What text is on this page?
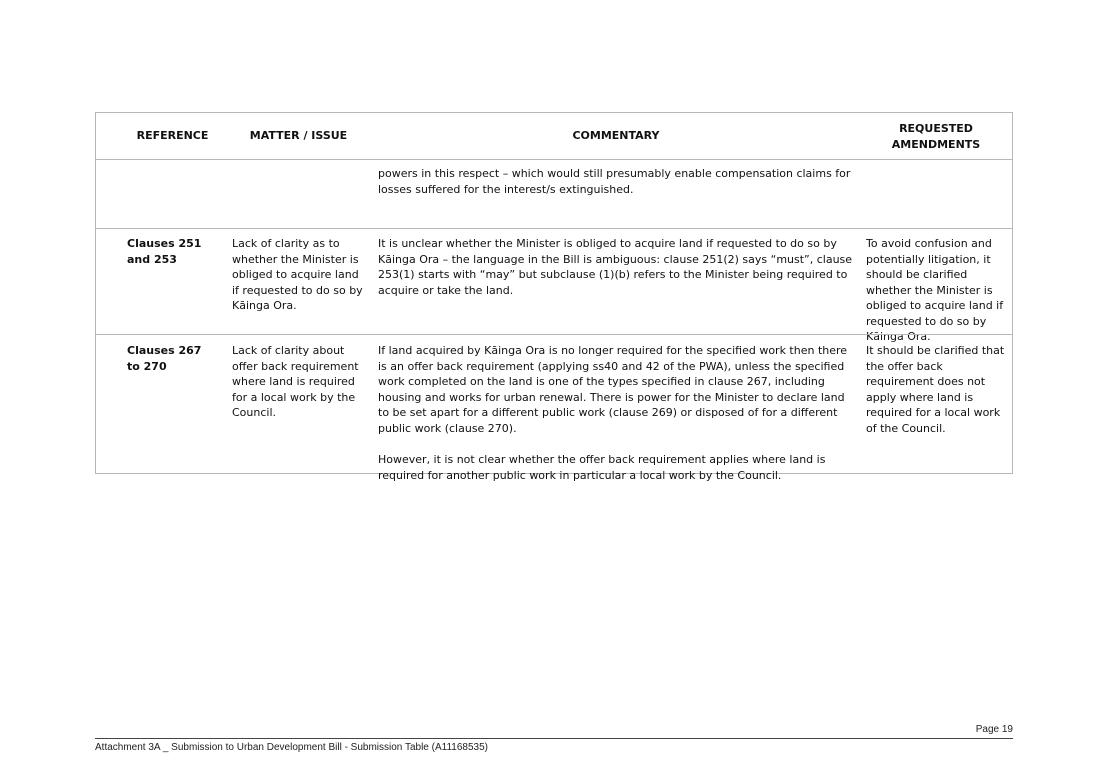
REFERENCE	MATTER / ISSUE	COMMENTARY
REQUESTED
AMENDMENTS

powers in this respect – which would still presumably enable compensation claims for losses suffered for the interest/s extinguished.

Clauses 251 and 253
Lack of clarity as to whether the Minister is obliged to acquire land if requested to do so by Kāinga Ora.

It is unclear whether the Minister is obliged to acquire land if requested to do so by Kāinga Ora – the language in the Bill is ambiguous: clause 251(2) says “must”, clause 253(1) starts with “may” but subclause (1)(b) refers to the Minister being required to acquire or take the land.

To avoid confusion and potentially litigation, it should be clarified whether the Minister is obliged to acquire land if requested to do so by Kāinga Ora.
Clauses 267 to 270
Lack of clarity about offer back requirement where land is required for a local work by the Council.

If land acquired by Kāinga Ora is no longer required for the specified work then there is an offer back requirement (applying ss40 and 42 of the PWA), unless the specified work completed on the land is one of the types specified in clause 267, including housing and works for urban renewal. There is power for the Minister to declare land to be set apart for a different public work (clause 269) or disposed of for a different public work (clause 270).

However, it is not clear whether the offer back requirement applies where land is required for another public work in particular a local work by the Council.

It should be clarified that the offer back requirement does not apply where land is required for a local work of the Council.
Page 19
Attachment 3A _ Submission to Urban Development Bill - Submission Table (A11168535)
